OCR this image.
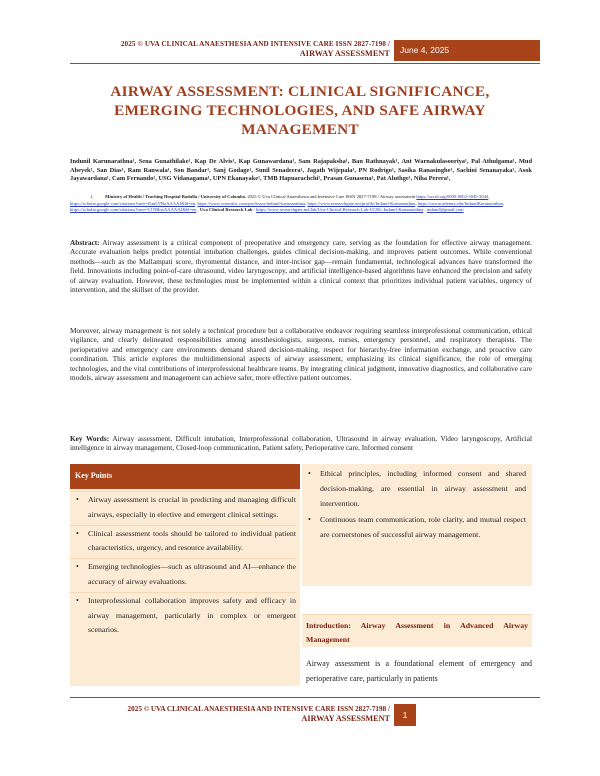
2025 © UVA CLINICAL ANAESTHESIA AND INTENSIVE CARE ISSN 2827-7198 /
AIRWAY ASSESSMENT	June 4, 2025
AIRWAY ASSESSMENT: CLINICAL SIGNIFICANCE, EMERGING TECHNOLOGIES, AND SAFE AIRWAY MANAGEMENT
Indunil Karunarathna¹, Sena Gunathilake¹, Kap De Alvis¹, Kap Gunawardana¹, Sam Rajapaksha¹, Ban Rathnayak¹, Ant Warnakulasooriya¹, Pal Athulgama¹, Mud Abeyek¹, San Dias¹, Ram Ranwala¹, Son Bandar¹, Sanj Godage¹, Sunil Senadeera¹, Jagath Wijepala¹, PN Rodrigo¹, Sasika Ranasinghe¹, Sachini Senanayaka¹, Asok Jayawardana¹, Cam Fernando¹, USG Vidanagama¹, UPN Ekanayake¹, TMB Hapuarachchi¹, Prasan Gunasena¹, Pat Aluthge¹, Niha Perera¹,
1.	Ministry of Health / Teaching Hospital Badulla / University of Colombo. 2025 © Uva Clinical Anaesthesia and Intensive Care ISSN 2827-7198 / Airway assessment https://orcid.org/0000-0002-5049-3044, https://scholar.google.com/citations?user=ZimLVBzAAAAJ&hl=en, https://www.scientific.com/professor/indunil-karunarathna, https://www.researchgate.net/profile/Indunil-Karunarathna, https://uva.academia.edu/IndunilKarunarathna, https://scholar.google.com/citations?user=C1NBnxAAAAAJ&hl=en , Uva Clinical Research Lab : https://www.researchgate.net/lab/Uva-Clinical-Research-Lab-UCRL-Indunil-Karunarathna , indunil@gmail.com

Abstract: Airway assessment is a critical component of preoperative and emergency care, serving as the foundation for effective airway management. Accurate evaluation helps predict potential intubation challenges, guides clinical decision-making, and improves patient outcomes. While conventional methods—such as the Mallampati score, thyromental distance, and inter-incisor gap—remain fundamental, technological advances have transformed the field. Innovations including point-of-care ultrasound, video laryngoscopy, and artificial intelligence-based algorithms have enhanced the precision and safety of airway evaluation. However, these technologies must be implemented within a clinical context that prioritizes individual patient variables, urgency of intervention, and the skillset of the provider.

Moreover, airway management is not solely a technical procedure but a collaborative endeavor requiring seamless interprofessional communication, ethical vigilance, and clearly delineated responsibilities among anesthesiologists, surgeons, nurses, emergency personnel, and respiratory therapists. The perioperative and emergency care environments demand shared decision-making, respect for hierarchy-free information exchange, and proactive care coordination. This article explores the multidimensional aspects of airway assessment, emphasizing its clinical significance, the role of emerging technologies, and the vital contributions of interprofessional healthcare teams. By integrating clinical judgment, innovative diagnostics, and collaborative care models, airway assessment and management can achieve safer, more effective patient outcomes.

Key Words: Airway assessment, Difficult intubation, Interprofessional collaboration, Ultrasound in airway evaluation, Video laryngoscopy, Artificial intelligence in airway management, Closed-loop communication, Patient safety, Perioperative care, Informed consent

Key Points
• Airway assessment is crucial in predicting and managing difficult airways, especially in elective and emergent clinical settings.
• Clinical assessment tools should be tailored to individual patient characteristics, urgency, and resource availability.
• Emerging technologies—such as ultrasound and AI—enhance the accuracy of airway evaluations.
• Interprofessional collaboration improves safety and efficacy in airway management, particularly in complex or emergent scenarios.
• Ethical principles, including informed consent and shared decision-making, are essential in airway assessment and intervention.
• Continuous team communication, role clarity, and mutual respect are cornerstones of successful airway management.
Introduction: Airway Assessment in Advanced Airway Management

Airway assessment is a foundational element of emergency and perioperative care, particularly in patients

2025 © UVA CLINICAL ANAESTHESIA AND INTENSIVE CARE ISSN 2827-7198 /
AIRWAY ASSESSMENT	1
